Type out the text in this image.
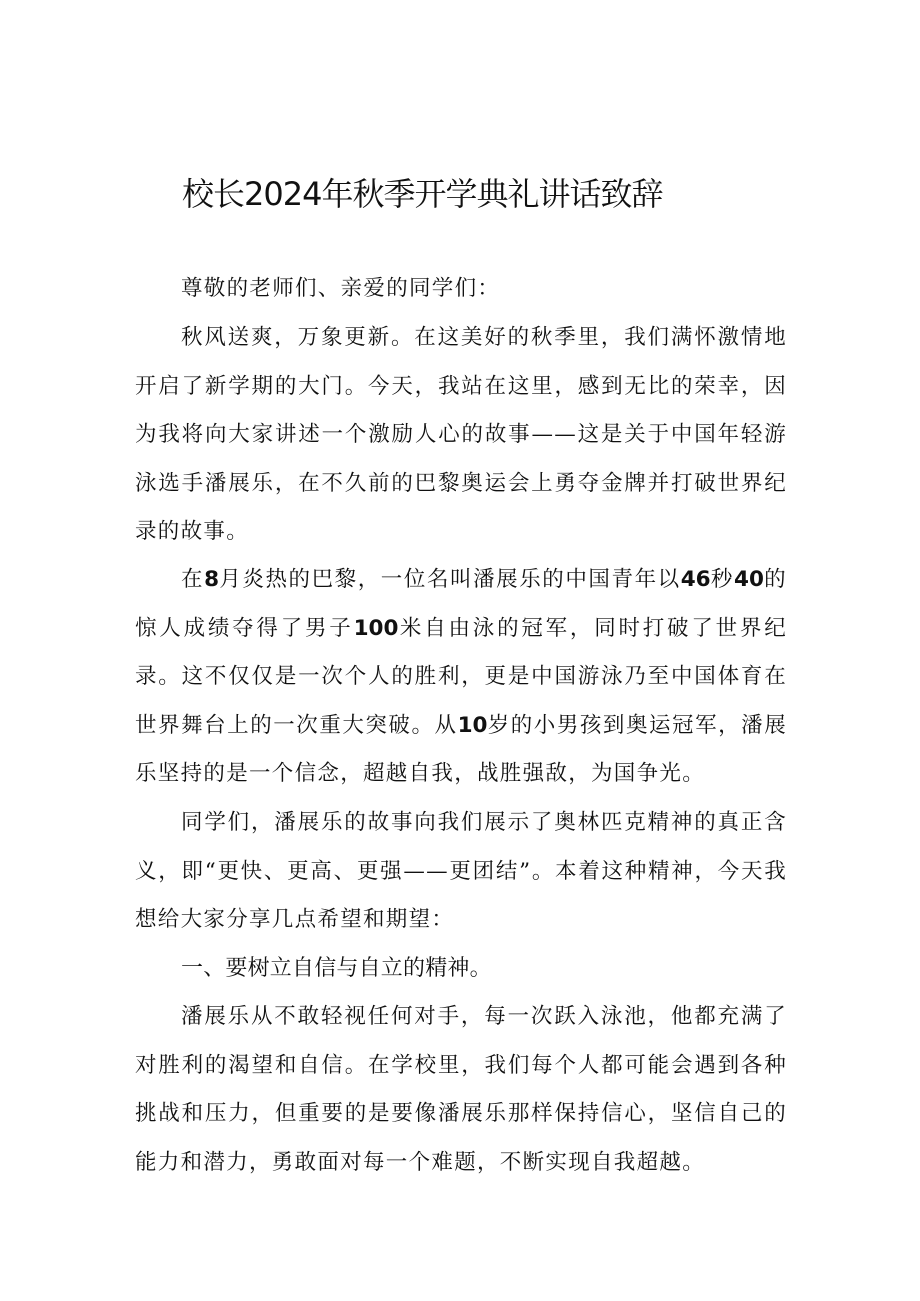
校长2024年秋季开学典礼讲话致辞
尊敬的老师们、亲爱的同学们：

秋风送爽，万象更新。在这美好的秋季里，我们满怀激情地开启了新学期的大门。今天，我站在这里，感到无比的荣幸，因为我将向大家讲述一个激励人心的故事——这是关于中国年轻游泳选手潘展乐，在不久前的巴黎奥运会上勇夺金牌并打破世界纪录的故事。

在8月炎热的巴黎，一位名叫潘展乐的中国青年以46秒40的惊人成绩夺得了男子100米自由泳的冠军，同时打破了世界纪录。这不仅仅是一次个人的胜利，更是中国游泳乃至中国体育在世界舞台上的一次重大突破。从10岁的小男孩到奥运冠军，潘展乐坚持的是一个信念，超越自我，战胜强敌，为国争光。

同学们，潘展乐的故事向我们展示了奥林匹克精神的真正含义，即“更快、更高、更强——更团结”。本着这种精神，今天我想给大家分享几点希望和期望：

一、要树立自信与自立的精神。

潘展乐从不敢轻视任何对手，每一次跃入泳池，他都充满了对胜利的渴望和自信。在学校里，我们每个人都可能会遇到各种挑战和压力，但重要的是要像潘展乐那样保持信心，坚信自己的能力和潜力，勇敢面对每一个难题，不断实现自我超越。
